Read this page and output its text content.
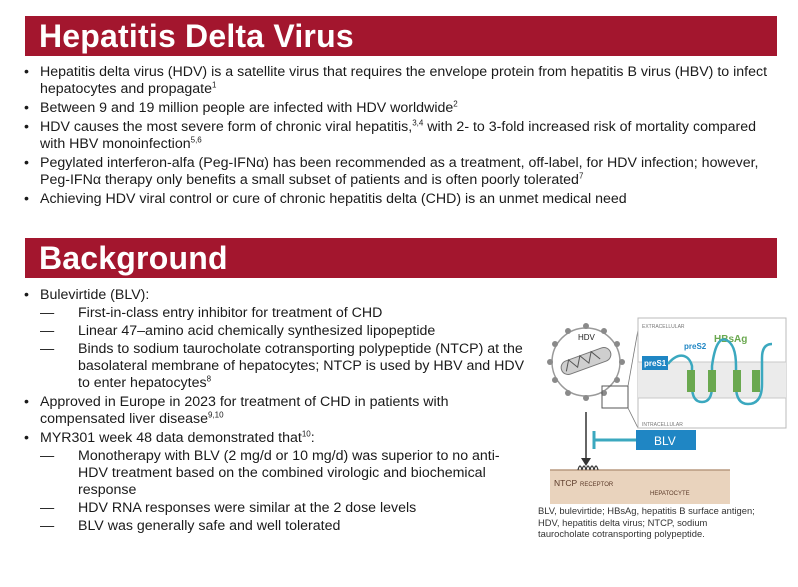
Hepatitis Delta Virus
• Hepatitis delta virus (HDV) is a satellite virus that requires the envelope protein from hepatitis B virus (HBV) to infect hepatocytes and propagate$^1$
• Between 9 and 19 million people are infected with HDV worldwide$^2$
• HDV causes the most severe form of chronic viral hepatitis,$^{3,4}$ with 2- to 3-fold increased risk of mortality compared with HBV monoinfection$^{5,6}$
• Pegylated interferon-alfa (Peg-IFNα) has been recommended as a treatment, off-label, for HDV infection; however, Peg-IFNα therapy only benefits a small subset of patients and is often poorly tolerated$^7$
• Achieving HDV viral control or cure of chronic hepatitis delta (CHD) is an unmet medical need
Background
• Bulevirtide (BLV):
— First-in-class entry inhibitor for treatment of CHD
— Linear 47–amino acid chemically synthesized lipopeptide
— Binds to sodium taurocholate cotransporting polypeptide (NTCP) at the basolateral membrane of hepatocytes; NTCP is used by HBV and HDV to enter hepatocytes$^8$
• Approved in Europe in 2023 for treatment of CHD in patients with compensated liver disease$^{9,10}$
• MYR301 week 48 data demonstrated that$^{10}$:
— Monotherapy with BLV (2 mg/d or 10 mg/d) was superior to no anti-HDV treatment based on the combined virologic and biochemical response
— HDV RNA responses were similar at the 2 dose levels
— BLV was generally safe and well tolerated
NTCP RECEPTOR
HEPATOCYTE
HDV
EXTRACELLULAR
INTRACELLULAR
HBsAg
preS2
preS1
BLV
BLV, bulevirtide; HBsAg, hepatitis B surface antigen; HDV, hepatitis delta virus; NTCP, sodium taurocholate cotransporting polypeptide.
